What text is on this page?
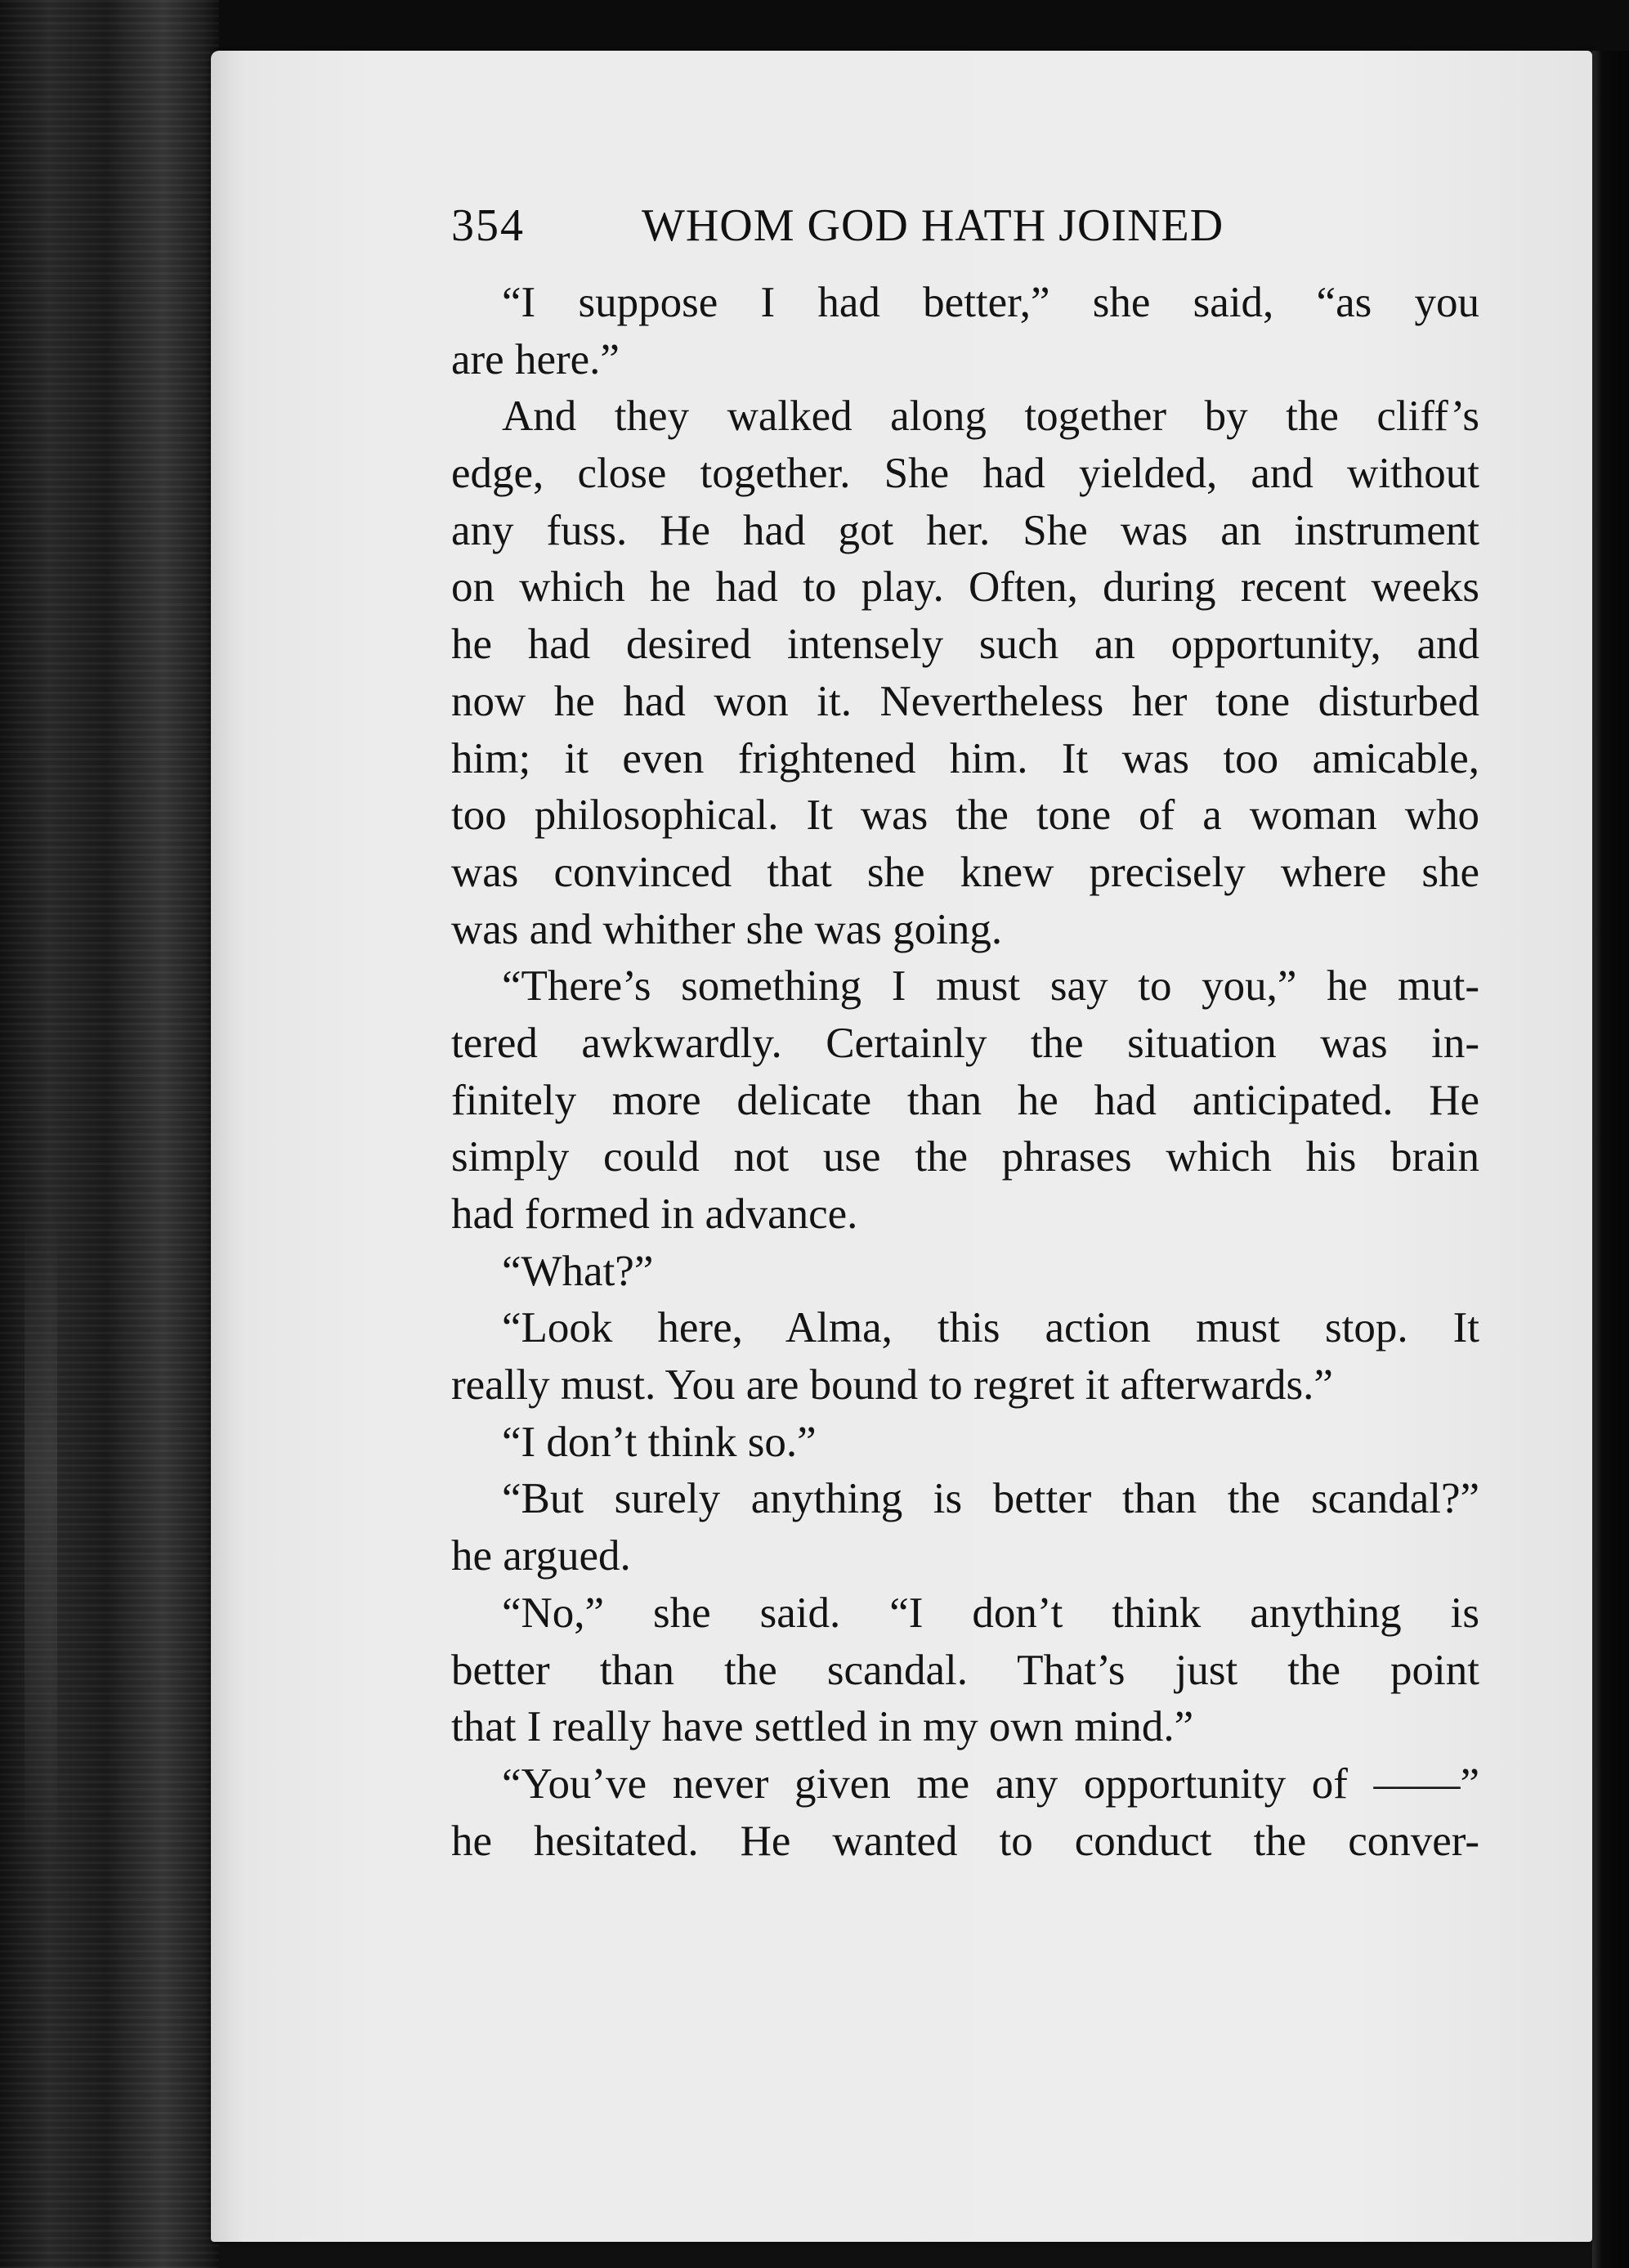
354	WHOM GOD HATH JOINED
“I suppose I had better,” she said, “as you
are here.”
And they walked along together by the cliff’s
edge, close together. She had yielded, and without
any fuss. He had got her. She was an instrument
on which he had to play. Often, during recent weeks
he had desired intensely such an opportunity, and
now he had won it. Nevertheless her tone disturbed
him; it even frightened him. It was too amicable,
too philosophical. It was the tone of a woman who
was convinced that she knew precisely where she
was and whither she was going.
“There’s something I must say to you,” he mut-
tered awkwardly. Certainly the situation was in-
finitely more delicate than he had anticipated. He
simply could not use the phrases which his brain
had formed in advance.
“What?”
“Look here, Alma, this action must stop. It
really must. You are bound to regret it afterwards.”
“I don’t think so.”
“But surely anything is better than the scandal?”
he argued.
“No,” she said. “I don’t think anything is
better than the scandal. That’s just the point
that I really have settled in my own mind.”
“You’ve never given me any opportunity of ——”
he hesitated. He wanted to conduct the conver-
